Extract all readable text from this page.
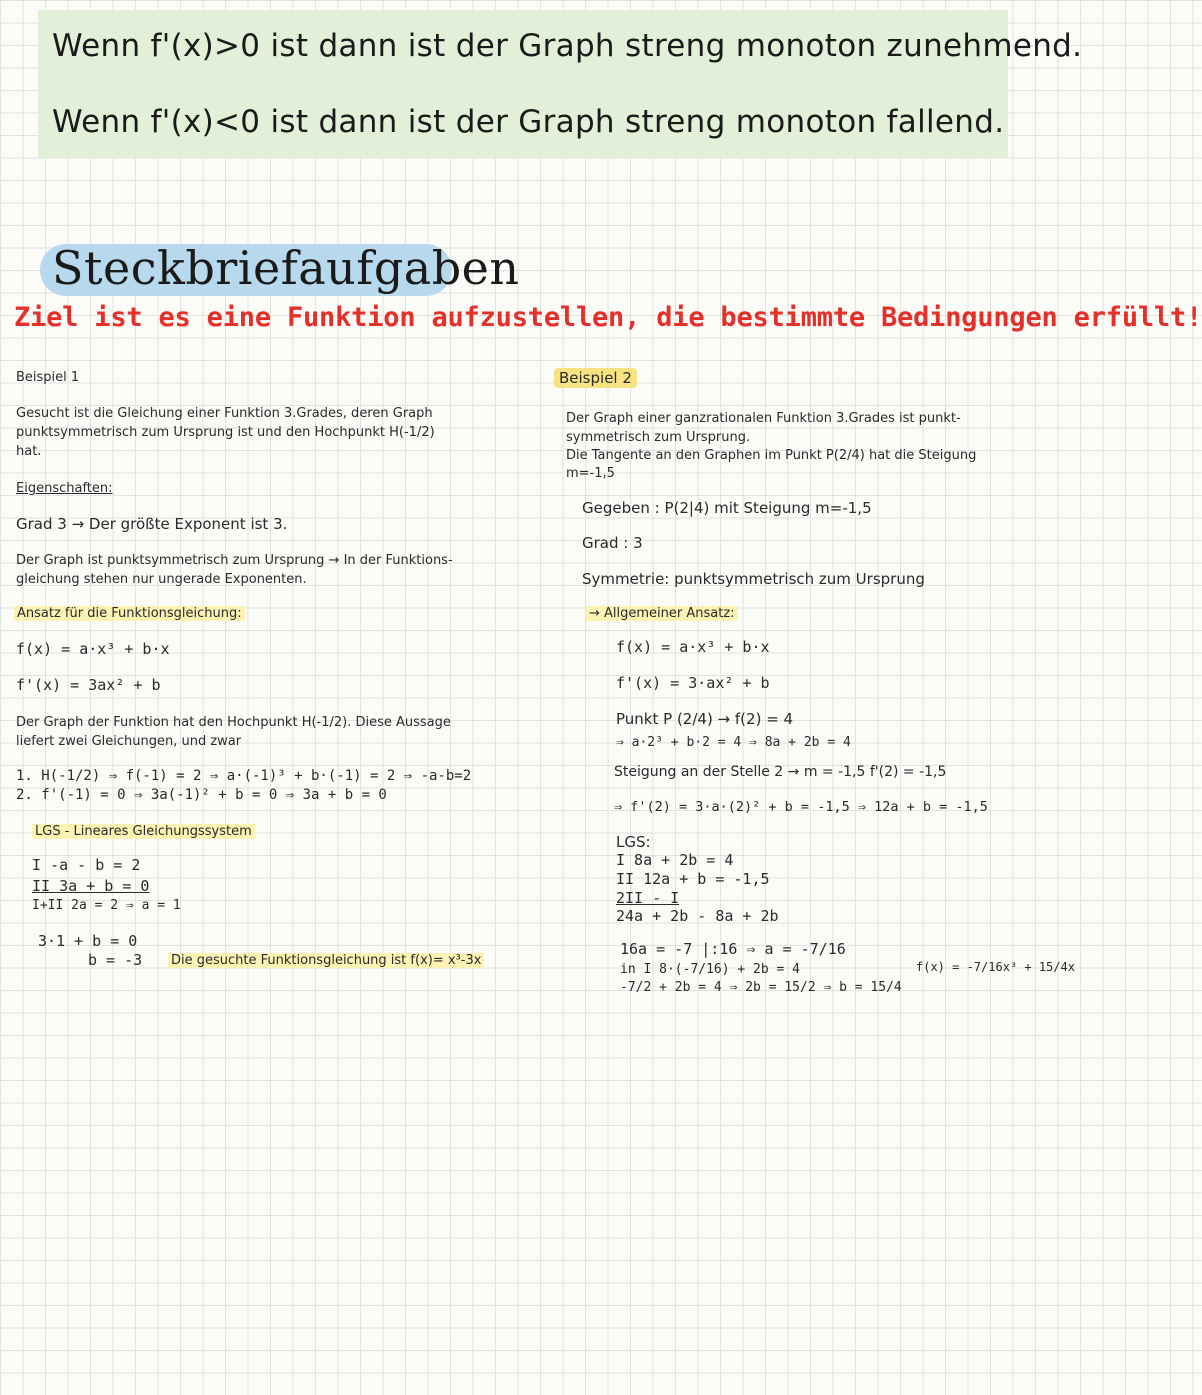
Wenn f'(x)>0 ist dann ist der Graph streng monoton zunehmend.
Wenn f'(x)<0 ist dann ist der Graph streng monoton fallend.
Steckbriefaufgaben
Ziel ist es eine Funktion aufzustellen, die bestimmte Bedingungen erfüllt!
Beispiel 1
Gesucht ist die Gleichung einer Funktion 3.Grades, deren Graph
punktsymmetrisch zum Ursprung ist und den Hochpunkt H(-1/2)
hat.
Eigenschaften:
Grad 3 → Der größte Exponent ist 3.
Der Graph ist punktsymmetrisch zum Ursprung → In der Funktions-
gleichung stehen nur ungerade Exponenten.
Ansatz für die Funktionsgleichung:
f(x) = a·x³ + b·x
f'(x) = 3ax² + b
Der Graph der Funktion hat den Hochpunkt H(-1/2). Diese Aussage
liefert zwei Gleichungen, und zwar
1. H(-1/2) ⇒ f(-1) = 2 ⇒ a·(-1)³ + b·(-1) = 2 ⇒ -a-b=2
2. f'(-1) = 0 ⇒ 3a(-1)² + b = 0 ⇒ 3a + b = 0
LGS - Lineares Gleichungssystem
I -a - b = 2
II 3a + b = 0
I+II 2a = 2 ⇒ a = 1
3·1 + b = 0
b = -3 Die gesuchte Funktionsgleichung ist f(x)= x³-3x
Beispiel 2
Der Graph einer ganzrationalen Funktion 3.Grades ist punkt-
symmetrisch zum Ursprung.
Die Tangente an den Graphen im Punkt P(2/4) hat die Steigung
m=-1,5
Gegeben : P(2|4) mit Steigung m=-1,5
Grad : 3
Symmetrie: punktsymmetrisch zum Ursprung
→ Allgemeiner Ansatz:
f(x) = a·x³ + b·x
f'(x) = 3·ax² + b
Punkt P (2/4) → f(2) = 4
⇒ a·2³ + b·2 = 4 ⇒ 8a + 2b = 4
Steigung an der Stelle 2 → m = -1,5 f'(2) = -1,5
⇒ f'(2) = 3·a·(2)² + b = -1,5 ⇒ 12a + b = -1,5
LGS:
I 8a + 2b = 4
II 12a + b = -1,5
2II - I
24a + 2b - 8a + 2b
16a = -7 |:16 ⇒ a = -7/16
in I 8·(-7/16) + 2b = 4
-7/2 + 2b = 4 ⇒ 2b = 15/2 ⇒ b = 15/4
f(x) = -7/16x³ + 15/4x
